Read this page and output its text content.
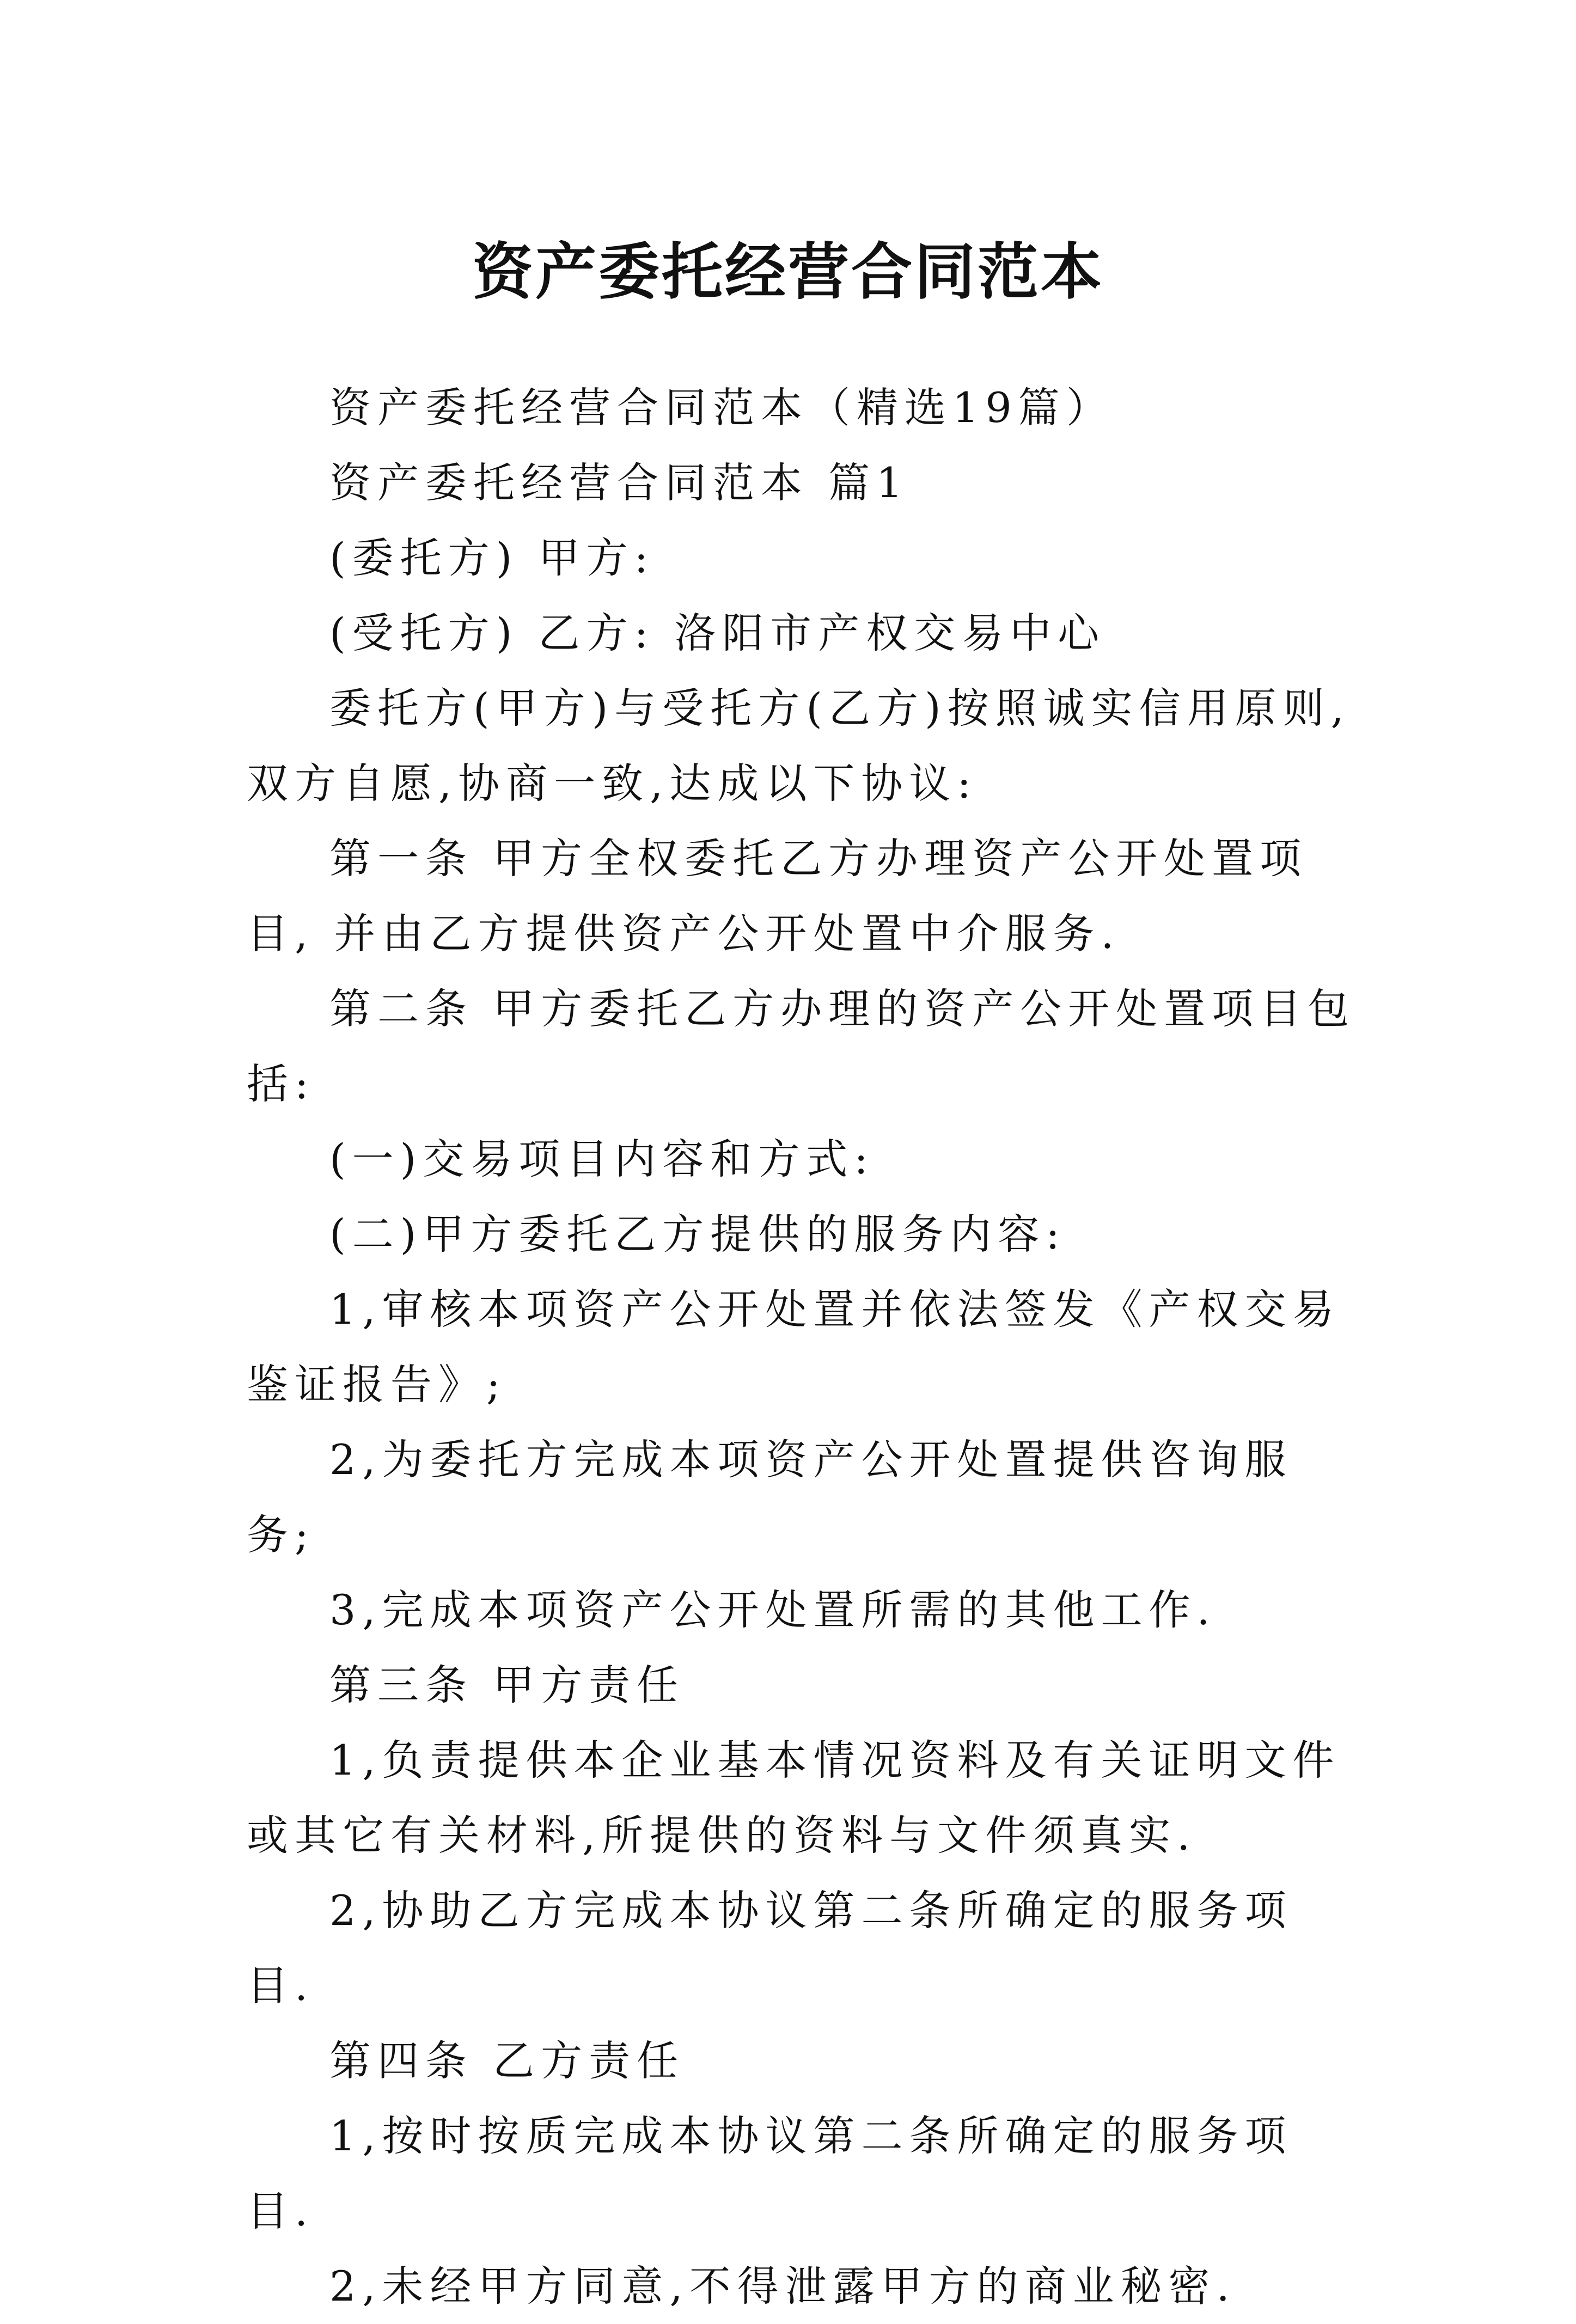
资产委托经营合同范本

资产委托经营合同范本（精选19篇）

资产委托经营合同范本 篇1

(委托方) 甲方:

(受托方) 乙方: 洛阳市产权交易中心

委托方(甲方)与受托方(乙方)按照诚实信用原则,双方自愿,协商一致,达成以下协议:

第一条 甲方全权委托乙方办理资产公开处置项目, 并由乙方提供资产公开处置中介服务.

第二条 甲方委托乙方办理的资产公开处置项目包括:

(一)交易项目内容和方式:

(二)甲方委托乙方提供的服务内容:

1,审核本项资产公开处置并依法签发《产权交易鉴证报告》;

2,为委托方完成本项资产公开处置提供咨询服务;

3,完成本项资产公开处置所需的其他工作.

第三条 甲方责任

1,负责提供本企业基本情况资料及有关证明文件或其它有关材料,所提供的资料与文件须真实.

2,协助乙方完成本协议第二条所确定的服务项目.

第四条 乙方责任

1,按时按质完成本协议第二条所确定的服务项目.

2,未经甲方同意,不得泄露甲方的商业秘密.
